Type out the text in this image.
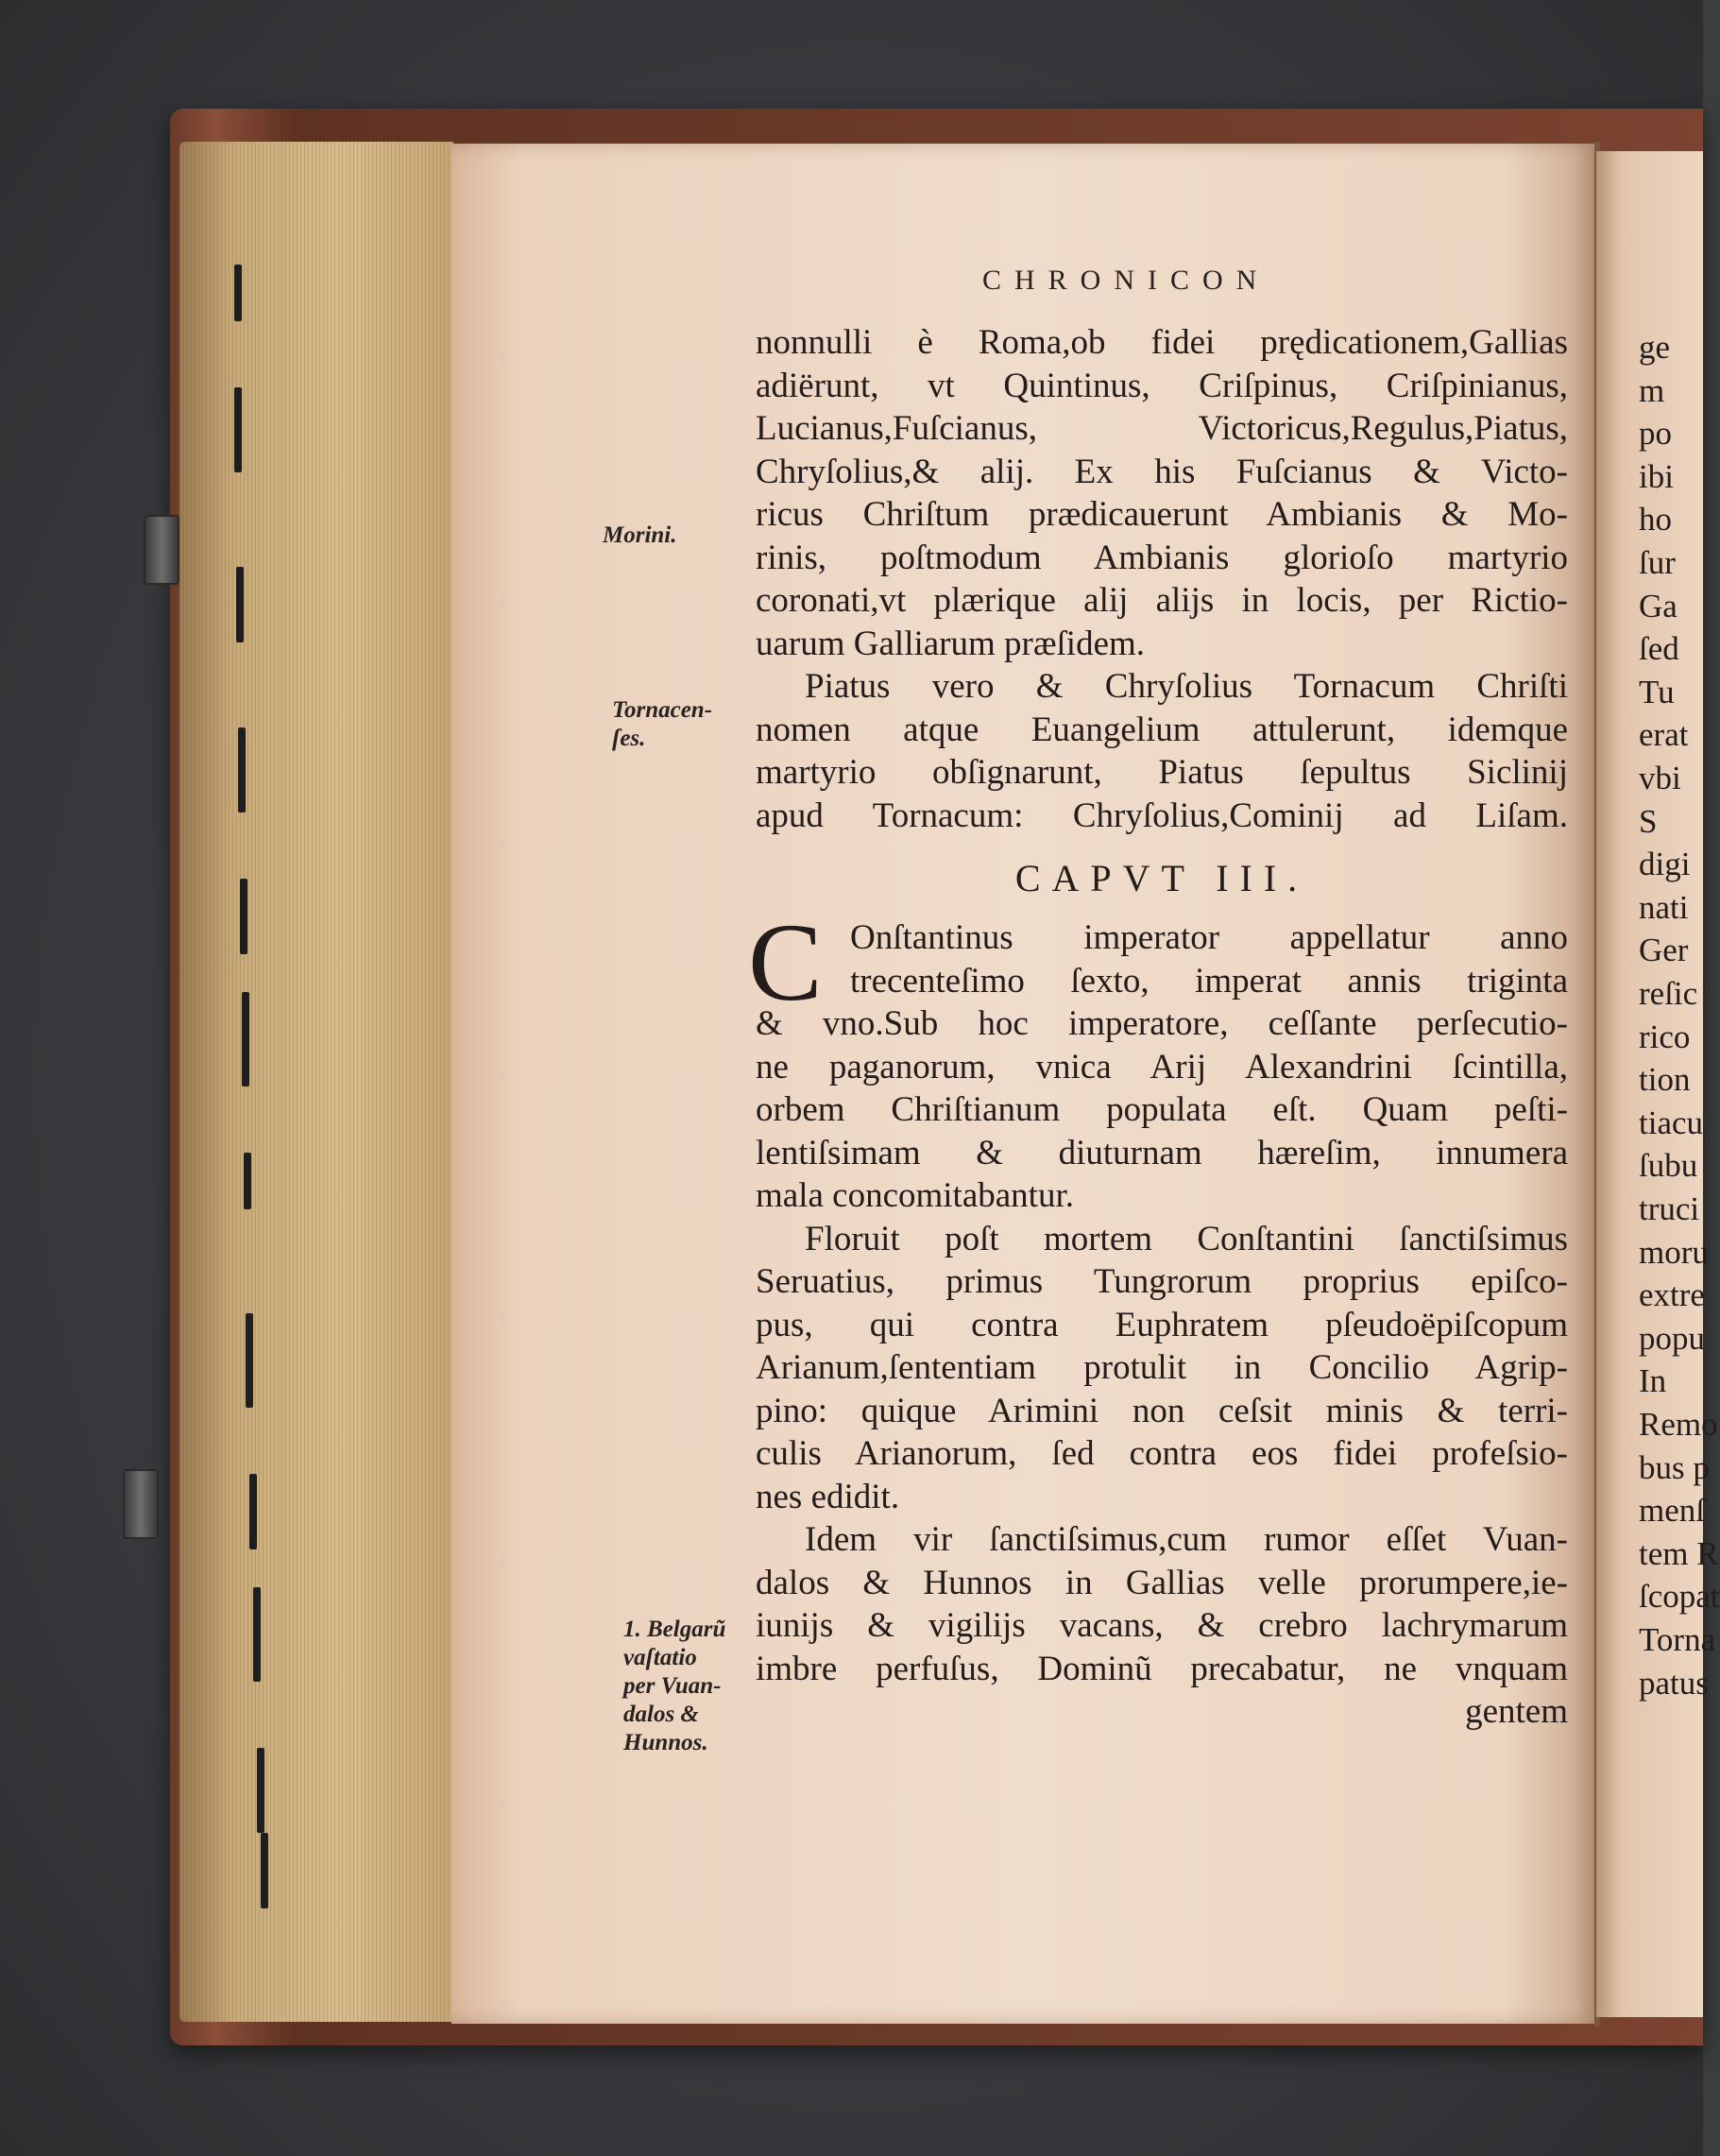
CHRONICON
Morini.
Tornacen-
ſes.
1. Belgarũ
vaſtatio
per Vuan-
dalos &
Hunnos.
nonnulli è Roma,ob fidei prędicationem,Gallias
adiërunt, vt Quintinus, Criſpinus, Criſpinianus,
Lucianus,Fuſcianus, Victoricus,Regulus,Piatus,
Chryſolius,& alij. Ex his Fuſcianus & Victo-
ricus Chriſtum prædicauerunt Ambianis & Mo-
rinis, poſtmodum Ambianis glorioſo martyrio
coronati,vt plærique alij alijs in locis, per Rictio-
uarum Galliarum præſidem.
Piatus vero & Chryſolius Tornacum Chriſti
nomen atque Euangelium attulerunt, idemque
martyrio obſignarunt, Piatus ſepultus Siclinij
apud Tornacum: Chryſolius,Cominij ad Liſam.
CAPVT III.
C Onſtantinus imperator appellatur anno
trecenteſimo ſexto, imperat annis triginta
& vno.Sub hoc imperatore, ceſſante perſecutio-
ne paganorum, vnica Arij Alexandrini ſcintilla,
orbem Chriſtianum populata eſt. Quam peſti-
lentiſsimam & diuturnam hæreſim, innumera
mala concomitabantur.
Floruit poſt mortem Conſtantini ſanctiſsimus
Seruatius, primus Tungrorum proprius epiſco-
pus, qui contra Euphratem pſeudoëpiſcopum
Arianum,ſententiam protulit in Concilio Agrip-
pino: quique Arimini non ceſsit minis & terri-
culis Arianorum, ſed contra eos fidei profeſsio-
nes edidit.
Idem vir ſanctiſsimus,cum rumor eſſet Vuan-
dalos & Hunnos in Gallias velle prorumpere,ie-
iunijs & vigilijs vacans, & crebro lachrymarum
imbre perfuſus, Dominũ precabatur, ne vnquam
gentem
ge
m
po
ibi
ho
ſur
Ga
ſed
Tu
erat
vbi
S
digi
nati
Ger
reſic
rico
tion
tiacu
ſubu
truci
moru
extre
popu
In
Remo
bus p
menſ
tem R
ſcopat
Torna
patus
